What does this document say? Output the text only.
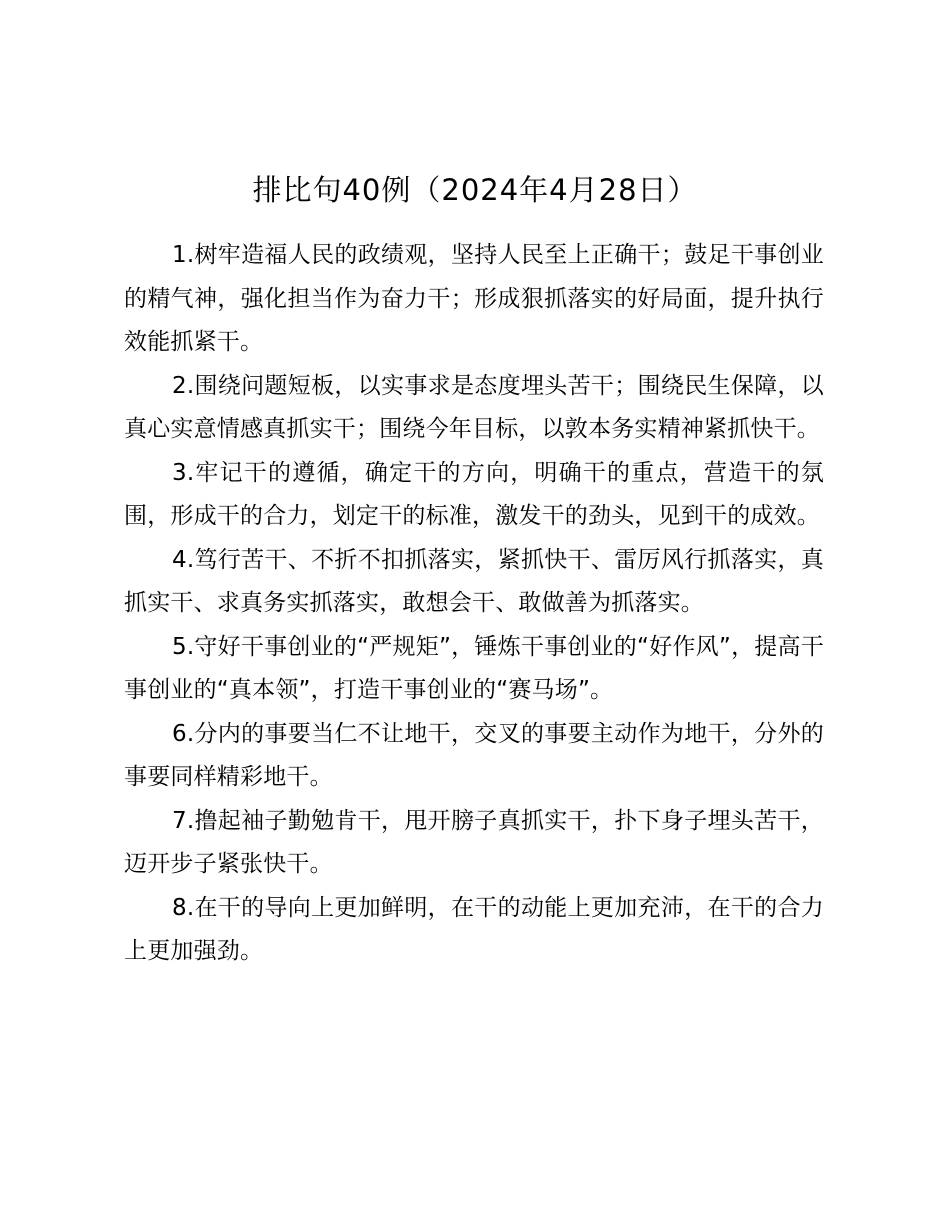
排比句40例（2024年4月28日）

1.树牢造福人民的政绩观，坚持人民至上正确干；鼓足干事创业的精气神，强化担当作为奋力干；形成狠抓落实的好局面，提升执行效能抓紧干。

2.围绕问题短板，以实事求是态度埋头苦干；围绕民生保障，以真心实意情感真抓实干；围绕今年目标，以敦本务实精神紧抓快干。

3.牢记干的遵循，确定干的方向，明确干的重点，营造干的氛围，形成干的合力，划定干的标准，激发干的劲头，见到干的成效。

4.笃行苦干、不折不扣抓落实，紧抓快干、雷厉风行抓落实，真抓实干、求真务实抓落实，敢想会干、敢做善为抓落实。

5.守好干事创业的“严规矩”，锤炼干事创业的“好作风”，提高干事创业的“真本领”，打造干事创业的“赛马场”。

6.分内的事要当仁不让地干，交叉的事要主动作为地干，分外的事要同样精彩地干。

7.撸起袖子勤勉肯干，甩开膀子真抓实干，扑下身子埋头苦干，迈开步子紧张快干。

8.在干的导向上更加鲜明，在干的动能上更加充沛，在干的合力上更加强劲。
